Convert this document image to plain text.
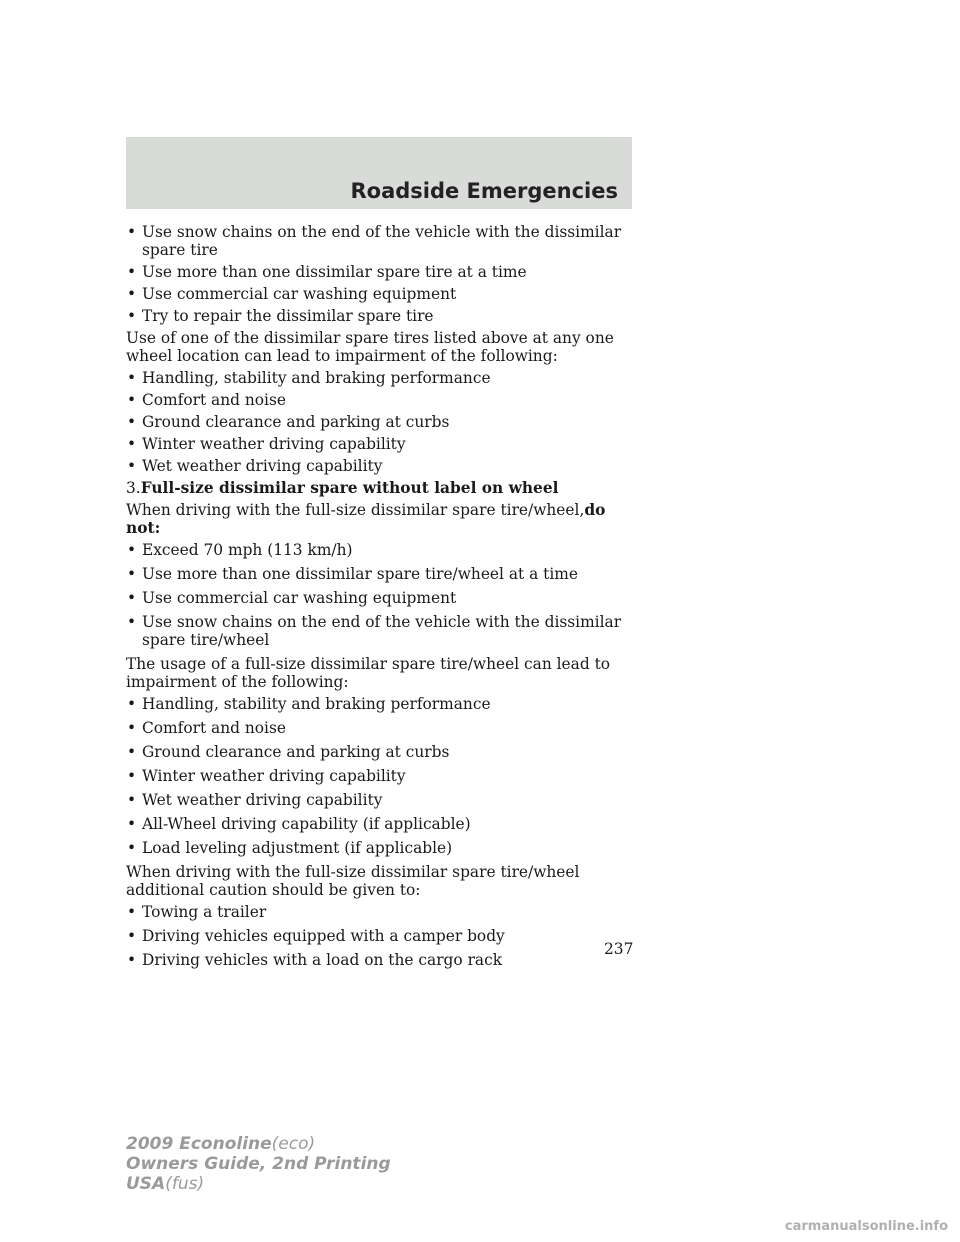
Roadside Emergencies
• Use snow chains on the end of the vehicle with the dissimilar spare tire
• Use more than one dissimilar spare tire at a time
• Use commercial car washing equipment
• Try to repair the dissimilar spare tire

Use of one of the dissimilar spare tires listed above at any one wheel location can lead to impairment of the following:

• Handling, stability and braking performance
• Comfort and noise
• Ground clearance and parking at curbs
• Winter weather driving capability
• Wet weather driving capability

3.Full-size dissimilar spare without label on wheel

When driving with the full-size dissimilar spare tire/wheel,do not:

• Exceed 70 mph (113 km/h)
• Use more than one dissimilar spare tire/wheel at a time
• Use commercial car washing equipment
• Use snow chains on the end of the vehicle with the dissimilar spare tire/wheel

The usage of a full-size dissimilar spare tire/wheel can lead to impairment of the following:

• Handling, stability and braking performance
• Comfort and noise
• Ground clearance and parking at curbs
• Winter weather driving capability
• Wet weather driving capability
• All-Wheel driving capability (if applicable)
• Load leveling adjustment (if applicable)

When driving with the full-size dissimilar spare tire/wheel additional caution should be given to:

• Towing a trailer
• Driving vehicles equipped with a camper body
• Driving vehicles with a load on the cargo rack
237
2009 Econoline(eco)
Owners Guide, 2nd Printing
USA(fus)
carmanualsonline.info
